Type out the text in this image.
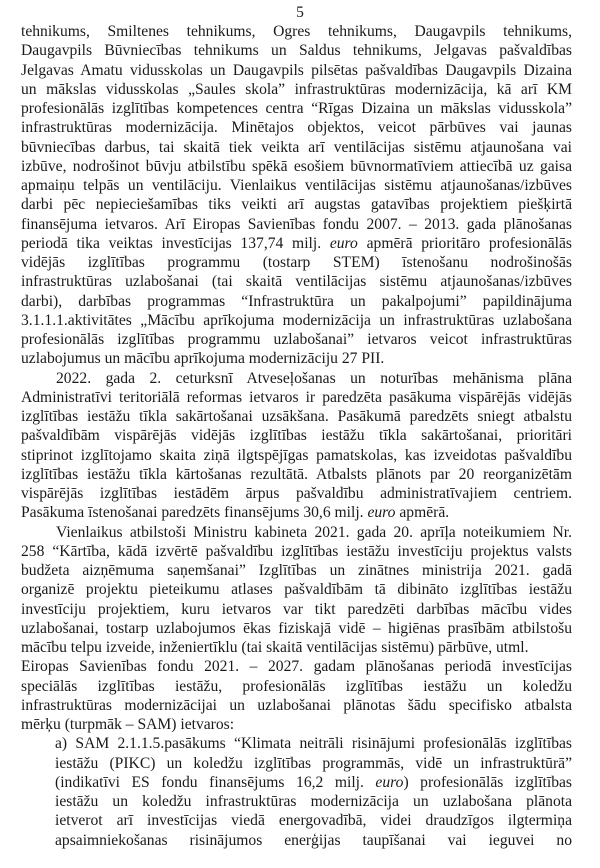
5
tehnikums, Smiltenes tehnikums, Ogres tehnikums, Daugavpils tehnikums,
Daugavpils Būvniecības tehnikums un Saldus tehnikums, Jelgavas pašvaldības
Jelgavas Amatu vidusskolas un Daugavpils pilsētas pašvaldības Daugavpils Dizaina
un mākslas vidusskolas „Saules skola” infrastruktūras modernizācija, kā arī KM
profesionālās izglītības kompetences centra “Rīgas Dizaina un mākslas vidusskola”
infrastruktūras modernizācija. Minētajos objektos, veicot pārbūves vai jaunas
būvniecības darbus, tai skaitā tiek veikta arī ventilācijas sistēmu atjaunošana vai
izbūve, nodrošinot būvju atbilstību spēkā esošiem būvnormatīviem attiecībā uz gaisa
apmaiņu telpās un ventilāciju. Vienlaikus ventilācijas sistēmu atjaunošanas/izbūves
darbi pēc nepieciešamības tiks veikti arī augstas gatavības projektiem piešķirtā
finansējuma ietvaros. Arī Eiropas Savienības fondu 2007. – 2013. gada plānošanas
periodā tika veiktas investīcijas 137,74 milj. euro apmērā prioritāro profesionālās
vidējās izglītības programmu (tostarp STEM) īstenošanu nodrošinošās
infrastruktūras uzlabošanai (tai skaitā ventilācijas sistēmu atjaunošanas/izbūves
darbi), darbības programmas “Infrastruktūra un pakalpojumi” papildinājuma
3.1.1.1.aktivitātes „Mācību aprīkojuma modernizācija un infrastruktūras uzlabošana
profesionālās izglītības programmu uzlabošanai” ietvaros veicot infrastruktūras
uzlabojumus un mācību aprīkojuma modernizāciju 27 PII.
2022. gada 2. ceturksnī Atveseļošanas un noturības mehānisma plāna
Administratīvi teritoriālā reformas ietvaros ir paredzēta pasākuma vispārējās vidējās
izglītības iestāžu tīkla sakārtošanai uzsākšana. Pasākumā paredzēts sniegt atbalstu
pašvaldībām vispārējās vidējās izglītības iestāžu tīkla sakārtošanai, prioritāri
stiprinot izglītojamo skaita ziņā ilgtspējīgas pamatskolas, kas izveidotas pašvaldību
izglītības iestāžu tīkla kārtošanas rezultātā. Atbalsts plānots par 20 reorganizētām
vispārējās izglītības iestādēm ārpus pašvaldību administratīvajiem centriem.
Pasākuma īstenošanai paredzēts finansējums 30,6 milj. euro apmērā.
Vienlaikus atbilstoši Ministru kabineta 2021. gada 20. aprīļa noteikumiem Nr.
258 “Kārtība, kādā izvērtē pašvaldību izglītības iestāžu investīciju projektus valsts
budžeta aizņēmuma saņemšanai” Izglītības un zinātnes ministrija 2021. gadā
organizē projektu pieteikumu atlases pašvaldībām tā dibināto izglītības iestāžu
investīciju projektiem, kuru ietvaros var tikt paredzēti darbības mācību vides
uzlabošanai, tostarp uzlabojumos ēkas fiziskajā vidē – higiēnas prasībām atbilstošu
mācību telpu izveide, inženiertīklu (tai skaitā ventilācijas sistēmu) pārbūve, utml.
Eiropas Savienības fondu 2021. – 2027. gadam plānošanas periodā investīcijas
speciālās izglītības iestāžu, profesionālās izglītības iestāžu un koledžu
infrastruktūras modernizācijai un uzlabošanai plānotas šādu specifisko atbalsta
mērķu (turpmāk – SAM) ietvaros:
a) SAM 2.1.1.5.pasākums “Klimata neitrāli risinājumi profesionālās izglītības
iestāžu (PIKC) un koledžu izglītības programmās, vidē un infrastruktūrā”
(indikatīvi ES fondu finansējums 16,2 milj. euro) profesionālās izglītības
iestāžu un koledžu infrastruktūras modernizācija un uzlabošana plānota
ietverot arī investīcijas viedā energovadībā, videi draudzīgos ilgtermiņa
apsaimniekošanas risinājumos enerģijas taupīšanai vai ieguvei no
